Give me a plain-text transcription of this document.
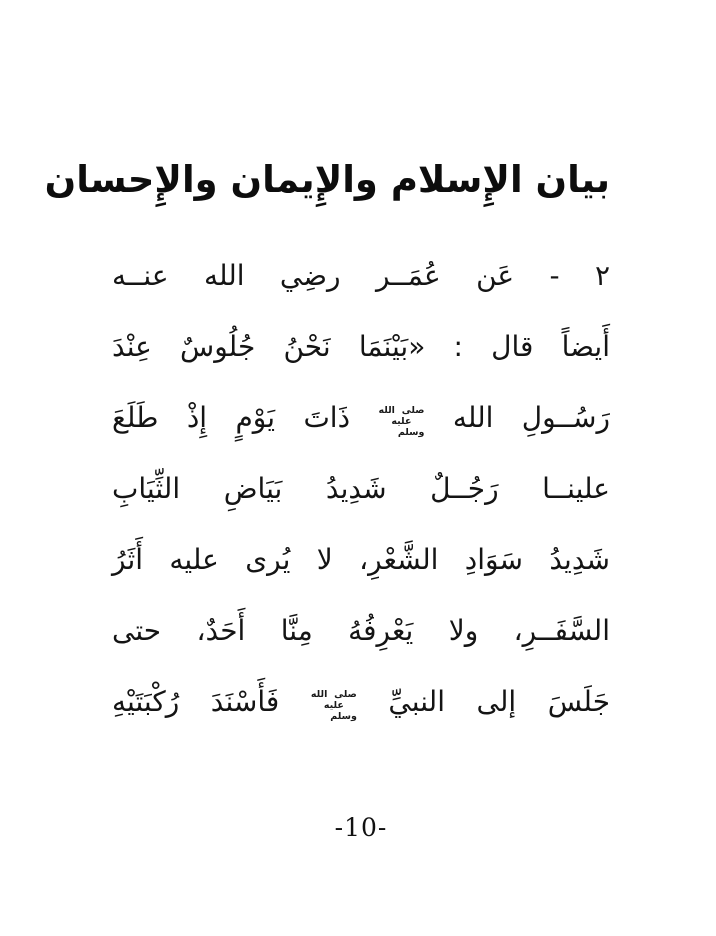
بيان الإِسلام والإِيمان والإِحسان
٢ - عَن عُمَــر رضِي الله عنــه
أَيضاً قال : «بَيْنَمَا نَحْنُ جُلُوسٌ عِنْدَ
رَسُــولِ الله
صلى الله
عليه وسلم
ذَاتَ يَوْمٍ إِذْ طَلَعَ
علينــا رَجُــلٌ شَدِيدُ بَيَاضِ الثِّيَابِ
شَدِيدُ سَوَادِ الشَّعْرِ، لا يُرى عليه أَثَرُ
السَّفَــرِ، ولا يَعْرِفُهُ مِنَّا أَحَدٌ، حتى
جَلَسَ إلى النبيِّ
صلى الله
عليه وسلم
فَأَسْنَدَ رُكْبَتَيْهِ
-10-
